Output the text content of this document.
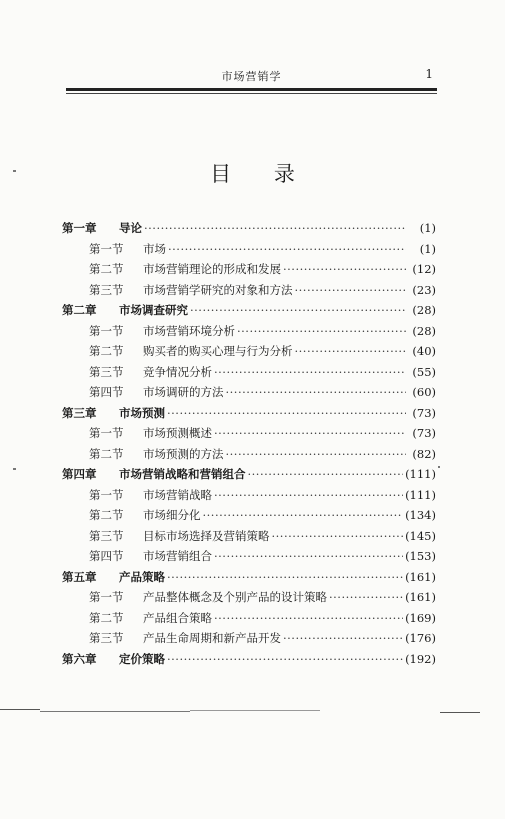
市场营销学	1
目 录
第一章	导论 ·····	(1)
第一节	市场 ·····	(1)
第二节	市场营销理论的形成和发展 ·····	(12)
第三节	市场营销学研究的对象和方法 ·····	(23)
第二章	市场调查研究 ·····	(28)
第一节	市场营销环境分析 ·····	(28)
第二节	购买者的购买心理与行为分析 ·····	(40)
第三节	竞争情况分析 ·····	(55)
第四节	市场调研的方法 ·····	(60)
第三章	市场预测 ·····	(73)
第一节	市场预测概述 ·····	(73)
第二节	市场预测的方法 ·····	(82)
第四章	市场营销战略和营销组合 ·····	(111)
第一节	市场营销战略 ·····	(111)
第二节	市场细分化 ·····	(134)
第三节	目标市场选择及营销策略 ·····	(145)
第四节	市场营销组合 ·····	(153)
第五章	产品策略 ·····	(161)
第一节	产品整体概念及个别产品的设计策略 ·····	(161)
第二节	产品组合策略 ·····	(169)
第三节	产品生命周期和新产品开发 ·····	(176)
第六章	定价策略 ·····	(192)
